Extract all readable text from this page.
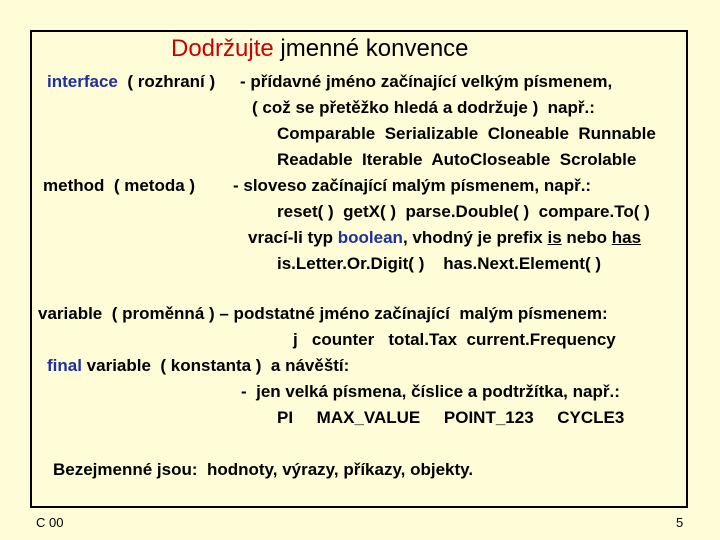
Dodržujte jmenné konvence
interface  ( rozhraní ) - přídavné jméno začínající velkým písmenem,
( což se přetěžko hledá a dodržuje )  např.:
Comparable  Serializable  Cloneable  Runnable
Readable  Iterable  AutoCloseable  Scrolable
method  ( metoda ) - sloveso začínající malým písmenem, např.:
reset( )  getX( )  parse.Double( )  compare.To( )
vrací-li typ boolean, vhodný je prefix is nebo has
is.Letter.Or.Digit( )    has.Next.Element( )
variable  ( proměnná ) – podstatné jméno začínající  malým písmenem:
j   counter   total.Tax  current.Frequency
final variable  ( konstanta )  a návěští:
-  jen velká písmena, číslice a podtržítka, např.:
PI     MAX_VALUE     POINT_123     CYCLE3
Bezejmenné jsou:  hodnoty, výrazy, příkazy, objekty.
C 00	5
